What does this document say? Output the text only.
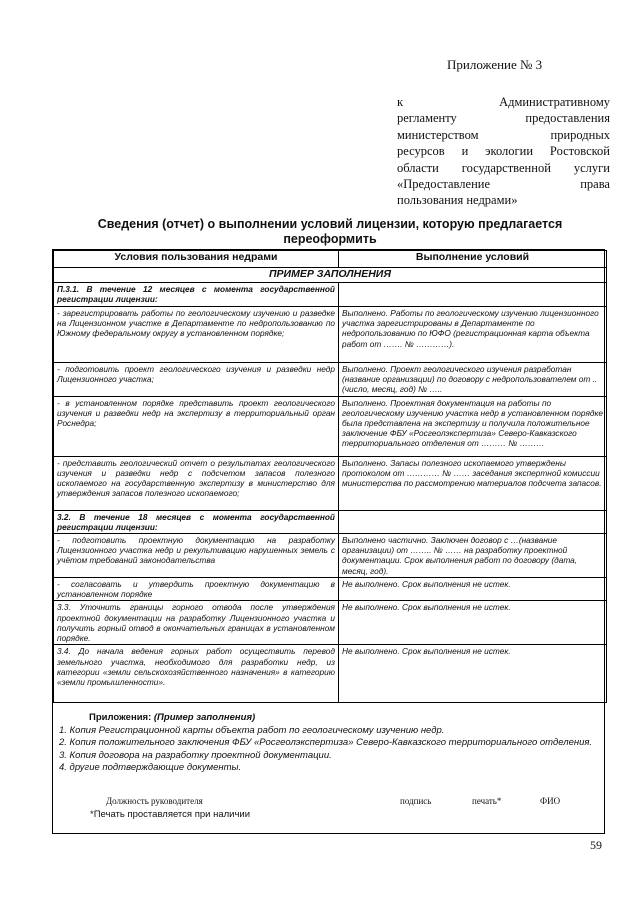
Приложение № 3
к Административному
регламенту предоставления
министерством природных
ресурсов и экологии Ростовской
области государственной услуги
«Предоставление права
пользования недрами»
Сведения (отчет) о выполнении условий лицензии, которую предлагается
переоформить
Условия пользования недрами	Выполнение условий
ПРИМЕР ЗАПОЛНЕНИЯ	
П.3.1. В течение 12 месяцев с момента государственной регистрации лицензии:	
- зарегистрировать работы по геологическому изучению и разведке на Лицензионном участке в Департаменте по недропользованию по Южному федеральному округу в установленном порядке;	Выполнено. Работы по геологическому изучению лицензионного участка зарегистрированы в Департаменте по недропользованию по ЮФО (регистрационная карта объекта работ от ……. № …………).
- подготовить проект геологического изучения и разведки недр Лицензионного участка;	Выполнено. Проект геологического изучения разработан (название организации) по договору с недропользователем от ..(число, месяц, год) № …..
- в установленном порядке представить проект геологического изучения и разведки недр на экспертизу в территориальный орган Роснедра;	Выполнено. Проектная документация на работы по геологическому изучению участка недр в установленном порядке была представлена на экспертизу и получила положительное заключение ФБУ «Росгеолэкспертиза» Северо-Кавказского территориального отделения от ……… № ………
- представить геологический отчет о результатах геологического изучения и разведки недр с подсчетом запасов полезного ископаемого на государственную экспертизу в министерство для утверждения запасов полезного ископаемого;	Выполнено. Запасы полезного ископаемого утверждены протоколом от ………… № …… заседания экспертной комиссии министерства по рассмотрению материалов подсчета запасов.
3.2. В течение 18 месяцев с момента государственной регистрации лицензии:	
- подготовить проектную документацию на разработку Лицензионного участка недр и рекультивацию нарушенных земель с учётом требований законодательства	Выполнено частично. Заключен договор с …(название организации) от …….. № …… на разработку проектной документации. Срок выполнения работ по договору (дата, месяц, год).
- согласовать и утвердить проектную документацию в установленном порядке	Не выполнено. Срок выполнения не истек.
3.3. Уточнить границы горного отвода после утверждения проектной документации на разработку Лицензионного участка и получить горный отвод в окончательных границах в установленном порядке.	Не выполнено. Срок выполнения не истек.
3.4. До начала ведения горных работ осуществить перевод земельного участка, необходимого для разработки недр, из категории «земли сельскохозяйственного назначения» в категорию «земли промышленности».	Не выполнено. Срок выполнения не истек.
Приложения: (Пример заполнения)
1. Копия Регистрационной карты объекта работ по геологическому изучению недр.
2. Копия положительного заключения ФБУ «Росгеолэкспертиза» Северо-Кавказского территориального отделения.
3. Копия договора на разработку проектной документации.
4. другие подтверждающие документы.
Должность руководителя	подпись	печать*	ФИО
*Печать проставляется при наличии
59
